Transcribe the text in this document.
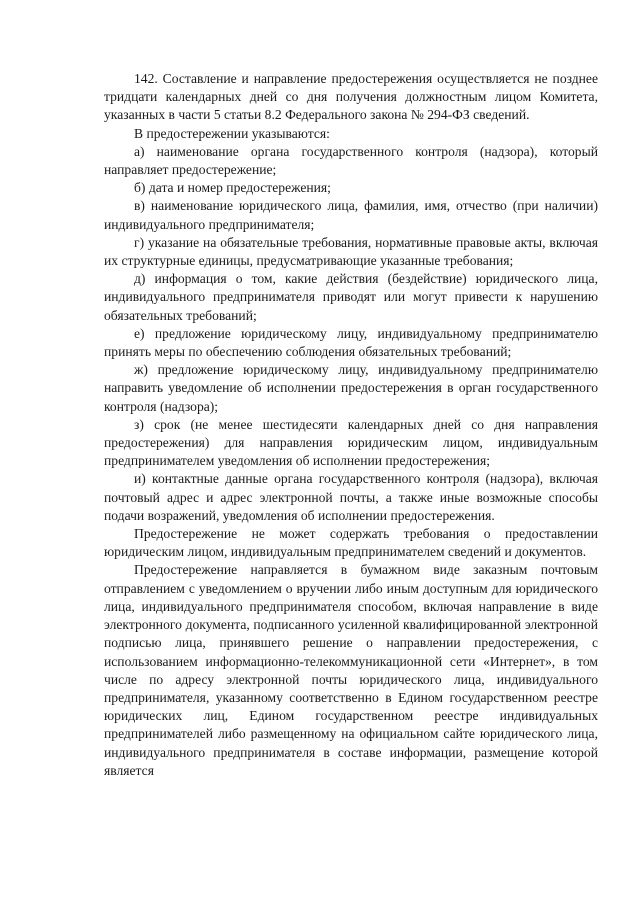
142. Составление и направление предостережения осуществляется не позднее тридцати календарных дней со дня получения должностным лицом Комитета, указанных в части 5 статьи 8.2 Федерального закона № 294-ФЗ сведений.

В предостережении указываются:

а) наименование органа государственного контроля (надзора), который направляет предостережение;

б) дата и номер предостережения;

в) наименование юридического лица, фамилия, имя, отчество (при наличии) индивидуального предпринимателя;

г) указание на обязательные требования, нормативные правовые акты, включая их структурные единицы, предусматривающие указанные требования;

д) информация о том, какие действия (бездействие) юридического лица, индивидуального предпринимателя приводят или могут привести к нарушению обязательных требований;

е) предложение юридическому лицу, индивидуальному предпринимателю принять меры по обеспечению соблюдения обязательных требований;

ж) предложение юридическому лицу, индивидуальному предпринимателю направить уведомление об исполнении предостережения в орган государственного контроля (надзора);

з) срок (не менее шестидесяти календарных дней со дня направления предостережения) для направления юридическим лицом, индивидуальным предпринимателем уведомления об исполнении предостережения;

и) контактные данные органа государственного контроля (надзора), включая почтовый адрес и адрес электронной почты, а также иные возможные способы подачи возражений, уведомления об исполнении предостережения.

Предостережение не может содержать требования о предоставлении юридическим лицом, индивидуальным предпринимателем сведений и документов.

Предостережение направляется в бумажном виде заказным почтовым отправлением с уведомлением о вручении либо иным доступным для юридического лица, индивидуального предпринимателя способом, включая направление в виде электронного документа, подписанного усиленной квалифицированной электронной подписью лица, принявшего решение о направлении предостережения, с использованием информационно-телекоммуникационной сети «Интернет», в том числе по адресу электронной почты юридического лица, индивидуального предпринимателя, указанному соответственно в Едином государственном реестре юридических лиц, Едином государственном реестре индивидуальных предпринимателей либо размещенному на официальном сайте юридического лица, индивидуального предпринимателя в составе информации, размещение которой является
